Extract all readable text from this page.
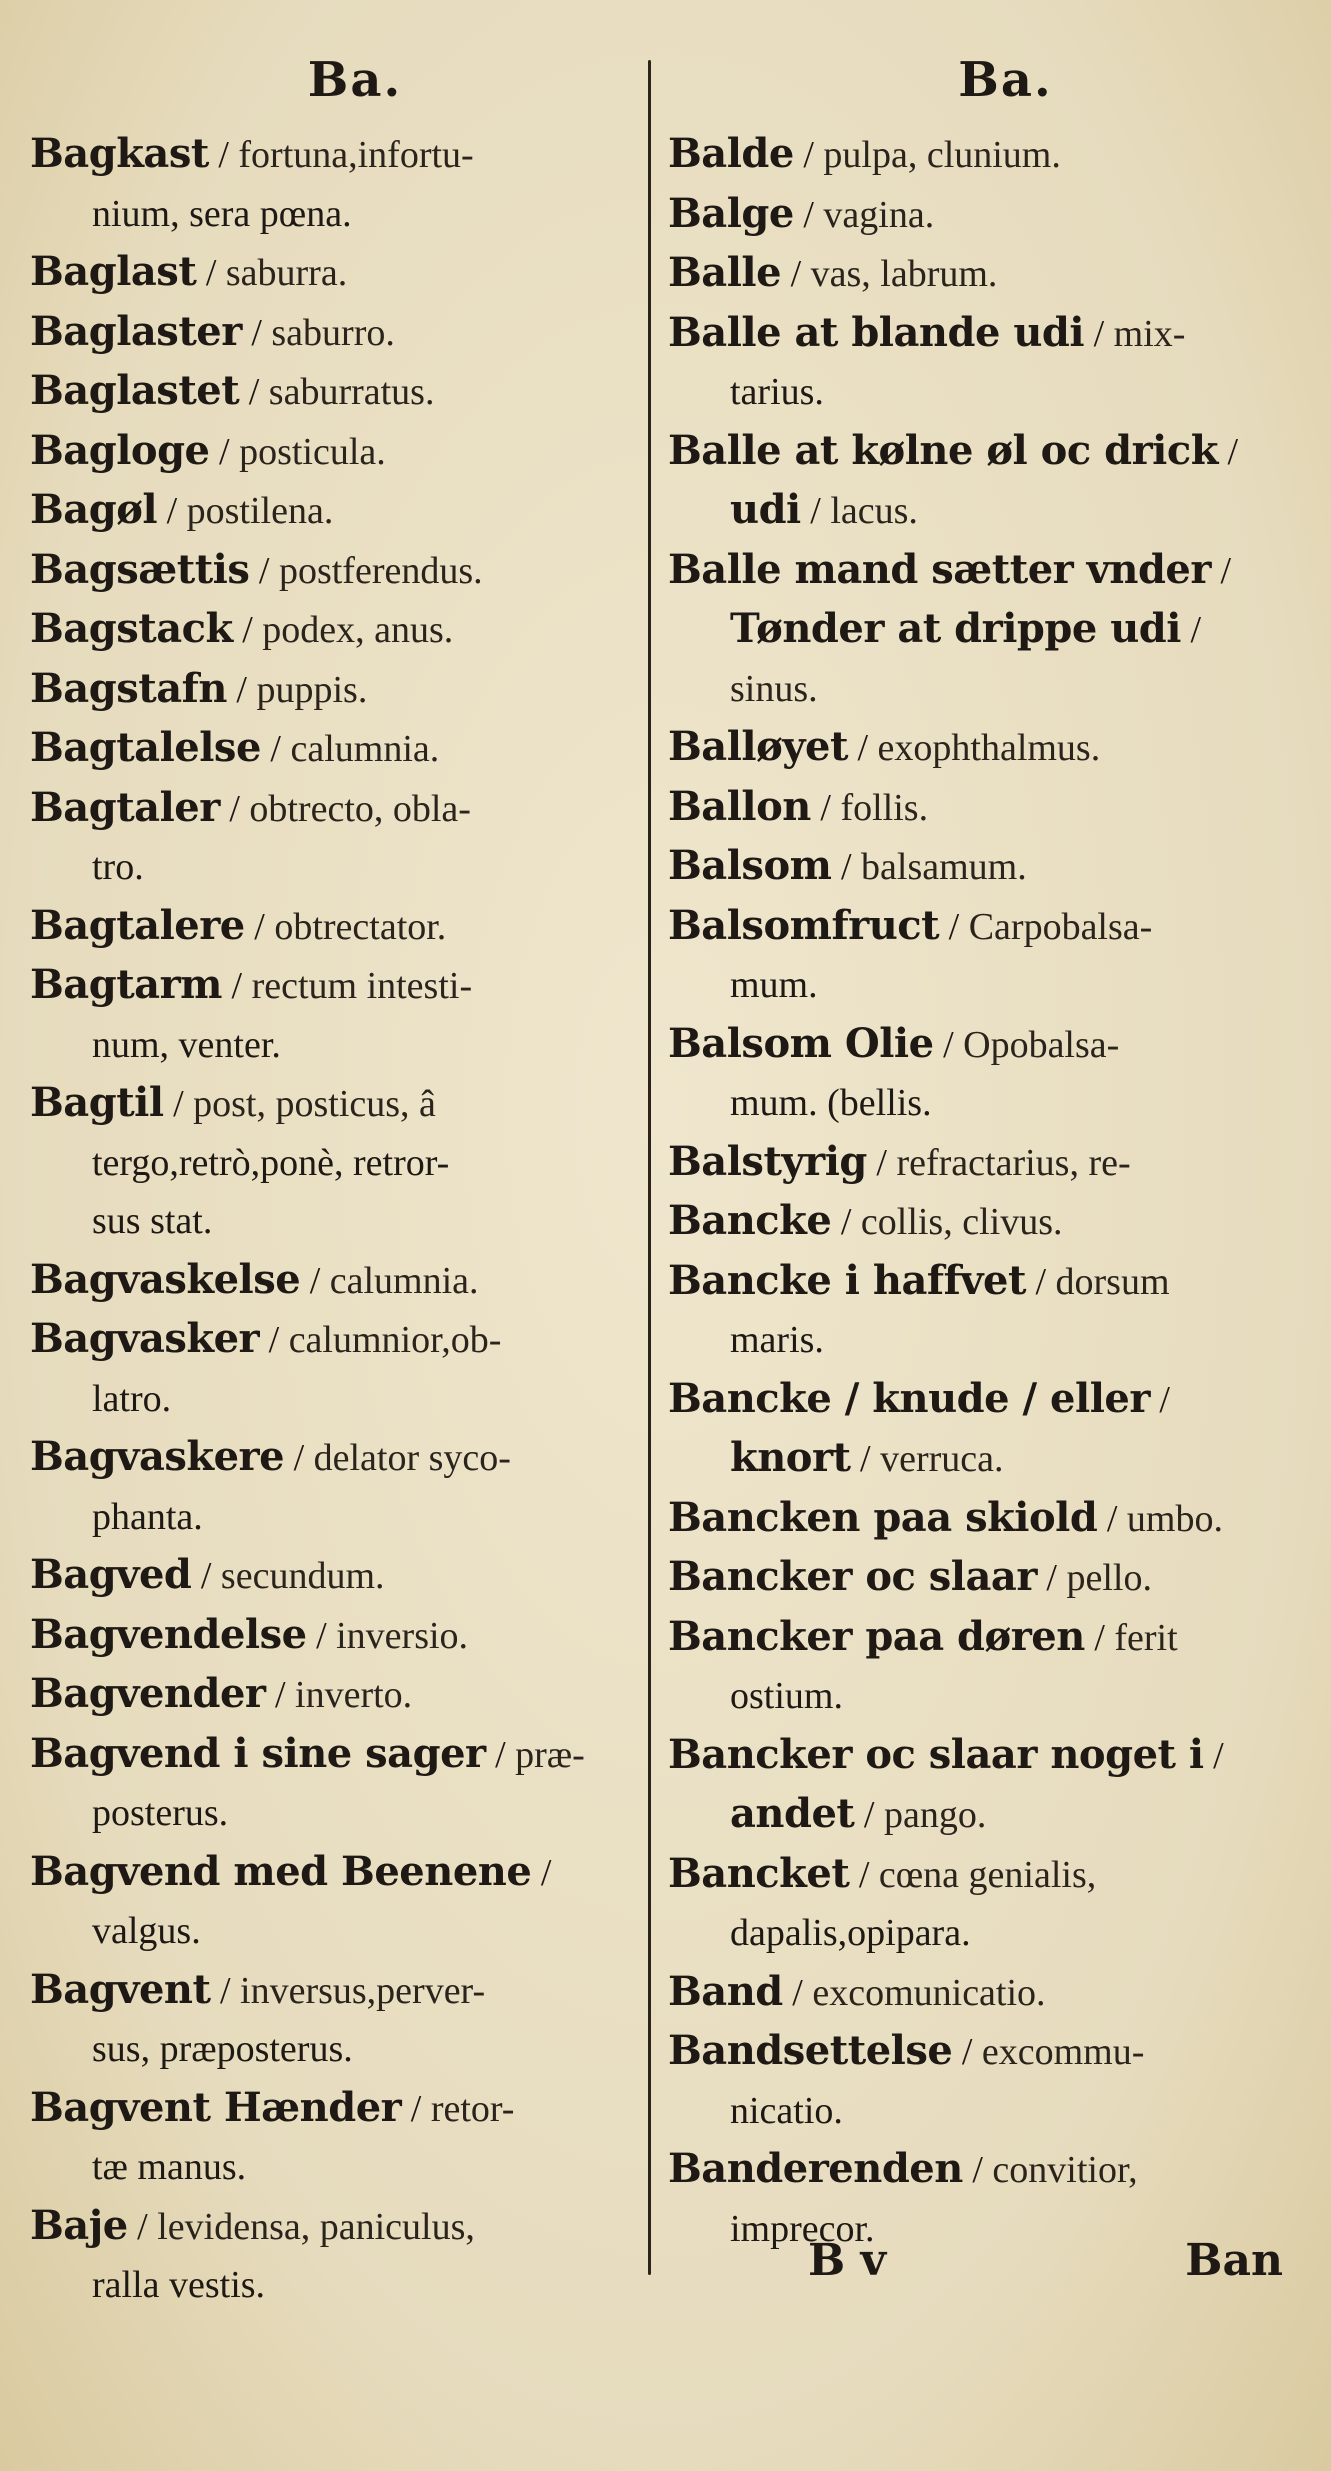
Ba.

Bagkast / fortuna,infortu-
nium, sera pœna.

Baglast / saburra.

Baglaster / saburro.

Baglastet / saburratus.

Bagloge / posticula.

Bagøl / postilena.

Bagsættis / postferendus.

Bagstack / podex, anus.

Bagstafn / puppis.

Bagtalelse / calumnia.

Bagtaler / obtrecto, obla-
tro.

Bagtalere / obtrectator.

Bagtarm / rectum intesti-
num, venter.

Bagtil / post, posticus, â
tergo,retrò,ponè, retror-
sus stat.

Bagvaskelse / calumnia.

Bagvasker / calumnior,ob-
latro.

Bagvaskere / delator syco-
phanta.

Bagved / secundum.

Bagvendelse / inversio.

Bagvender / inverto.

Bagvend i sine sager / præ-
posterus.

Bagvend med Beenene /
valgus.

Bagvent / inversus,perver-
sus, præposterus.

Bagvent Hænder / retor-
tæ manus.

Baje / levidensa, paniculus,
ralla vestis.

Ba.

Balde / pulpa, clunium.

Balge / vagina.

Balle / vas, labrum.

Balle at blande udi / mix-
tarius.

Balle at kølne øl oc drick /
udi / lacus.

Balle mand sætter vnder /
Tønder at drippe udi / sinus.

Balløyet / exophthalmus.

Ballon / follis.

Balsom / balsamum.

Balsomfruct / Carpobalsa-
mum.

Balsom Olie / Opobalsa-
mum. (bellis.

Balstyrig / refractarius, re-

Bancke / collis, clivus.

Bancke i haffvet / dorsum
maris.

Bancke / knude / eller /
knort / verruca.

Bancken paa skiold / umbo.

Bancker oc slaar / pello.

Bancker paa døren / ferit
ostium.

Bancker oc slaar noget i /
andet / pango.

Bancket / cœna genialis,
dapalis,opipara.

Band / excomunicatio.

Bandsettelse / excommu-
nicatio.

Banderenden / convitior,
imprecor.

B v	Ban
